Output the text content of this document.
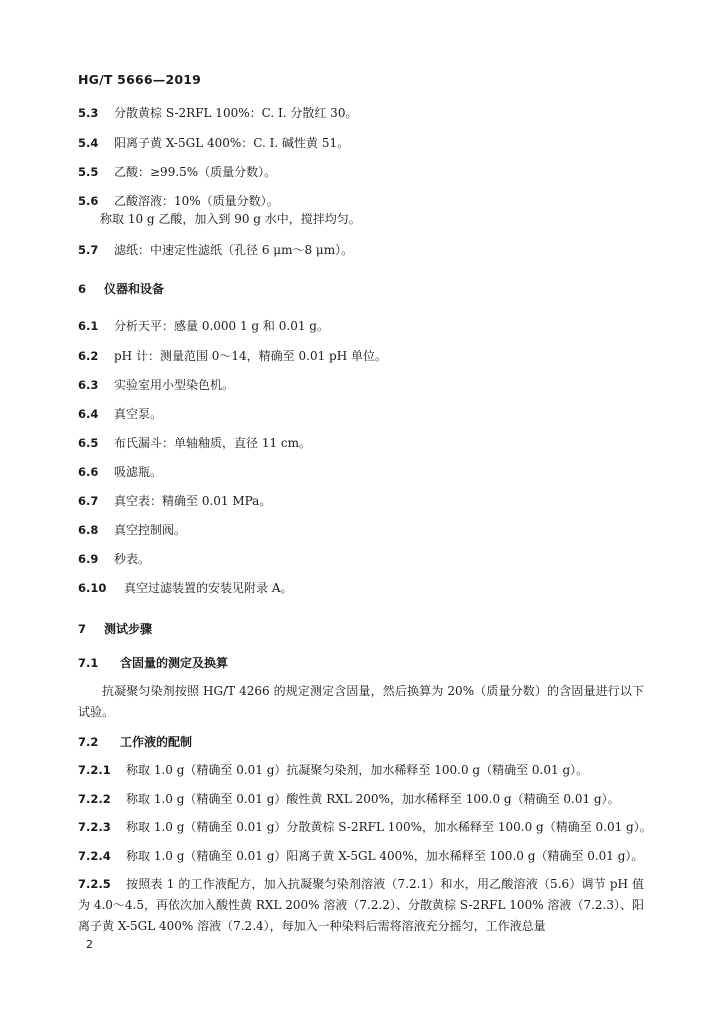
HG/T 5666—2019
5.3 分散黄棕 S-2RFL 100%：C. I. 分散红 30。
5.4 阳离子黄 X-5GL 400%：C. I. 碱性黄 51。
5.5 乙酸：≥99.5%（质量分数）。
5.6 乙酸溶液：10%（质量分数）。
称取 10 g 乙酸，加入到 90 g 水中，搅拌均匀。
5.7 滤纸：中速定性滤纸（孔径 6 μm～8 μm）。
6 仪器和设备
6.1 分析天平：感量 0.000 1 g 和 0.01 g。
6.2 pH 计：测量范围 0～14，精确至 0.01 pH 单位。
6.3 实验室用小型染色机。
6.4 真空泵。
6.5 布氏漏斗：单轴釉质，直径 11 cm。
6.6 吸滤瓶。
6.7 真空表：精确至 0.01 MPa。
6.8 真空控制阀。
6.9 秒表。
6.10 真空过滤装置的安装见附录 A。
7 测试步骤
7.1 含固量的测定及换算
抗凝聚匀染剂按照 HG/T 4266 的规定测定含固量，然后换算为 20%（质量分数）的含固量进行以下试验。
7.2 工作液的配制
7.2.1 称取 1.0 g（精确至 0.01 g）抗凝聚匀染剂，加水稀释至 100.0 g（精确至 0.01 g）。
7.2.2 称取 1.0 g（精确至 0.01 g）酸性黄 RXL 200%，加水稀释至 100.0 g（精确至 0.01 g）。
7.2.3 称取 1.0 g（精确至 0.01 g）分散黄棕 S-2RFL 100%，加水稀释至 100.0 g（精确至 0.01 g）。
7.2.4 称取 1.0 g（精确至 0.01 g）阳离子黄 X-5GL 400%，加水稀释至 100.0 g（精确至 0.01 g）。
7.2.5 按照表 1 的工作液配方，加入抗凝聚匀染剂溶液（7.2.1）和水，用乙酸溶液（5.6）调节 pH 值为 4.0～4.5，再依次加入酸性黄 RXL 200% 溶液（7.2.2）、分散黄棕 S-2RFL 100% 溶液（7.2.3）、阳离子黄 X-5GL 400% 溶液（7.2.4），每加入一种染料后需将溶液充分摇匀，工作液总量
2
